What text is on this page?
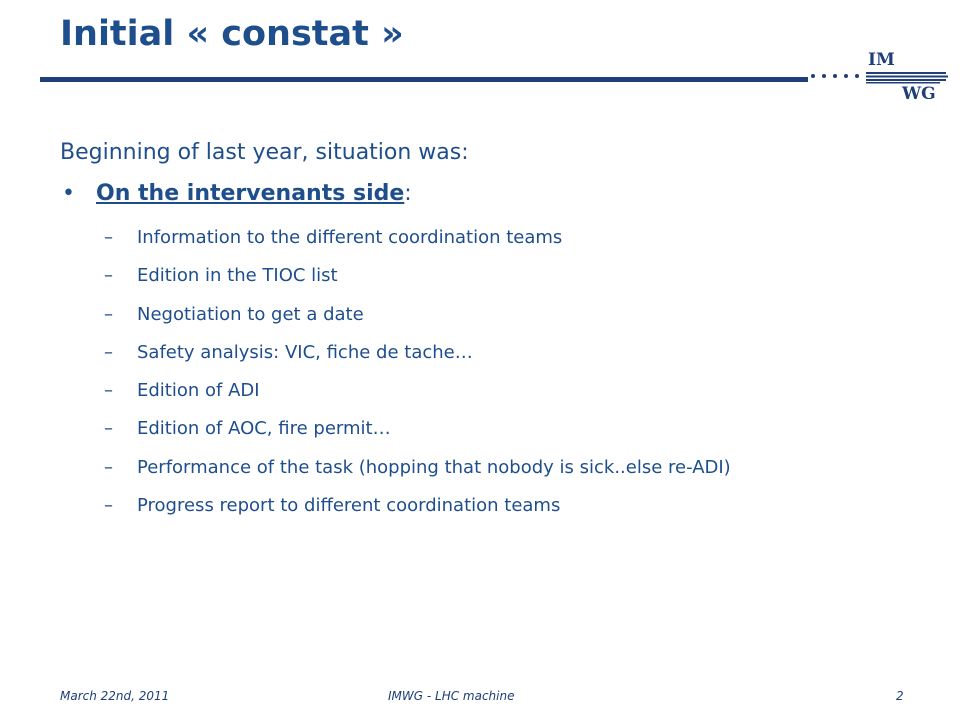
Initial « constat »
IM
WG
Beginning of last year, situation was:
• On the intervenants side:
– Information to the different coordination teams
– Edition in the TIOC list
– Negotiation to get a date
– Safety analysis: VIC, fiche de tache…
– Edition of ADI
– Edition of AOC, fire permit…
– Performance of the task (hopping that nobody is sick..else re-ADI)
– Progress report to different coordination teams
March 22nd, 2011	IMWG - LHC machine	2
